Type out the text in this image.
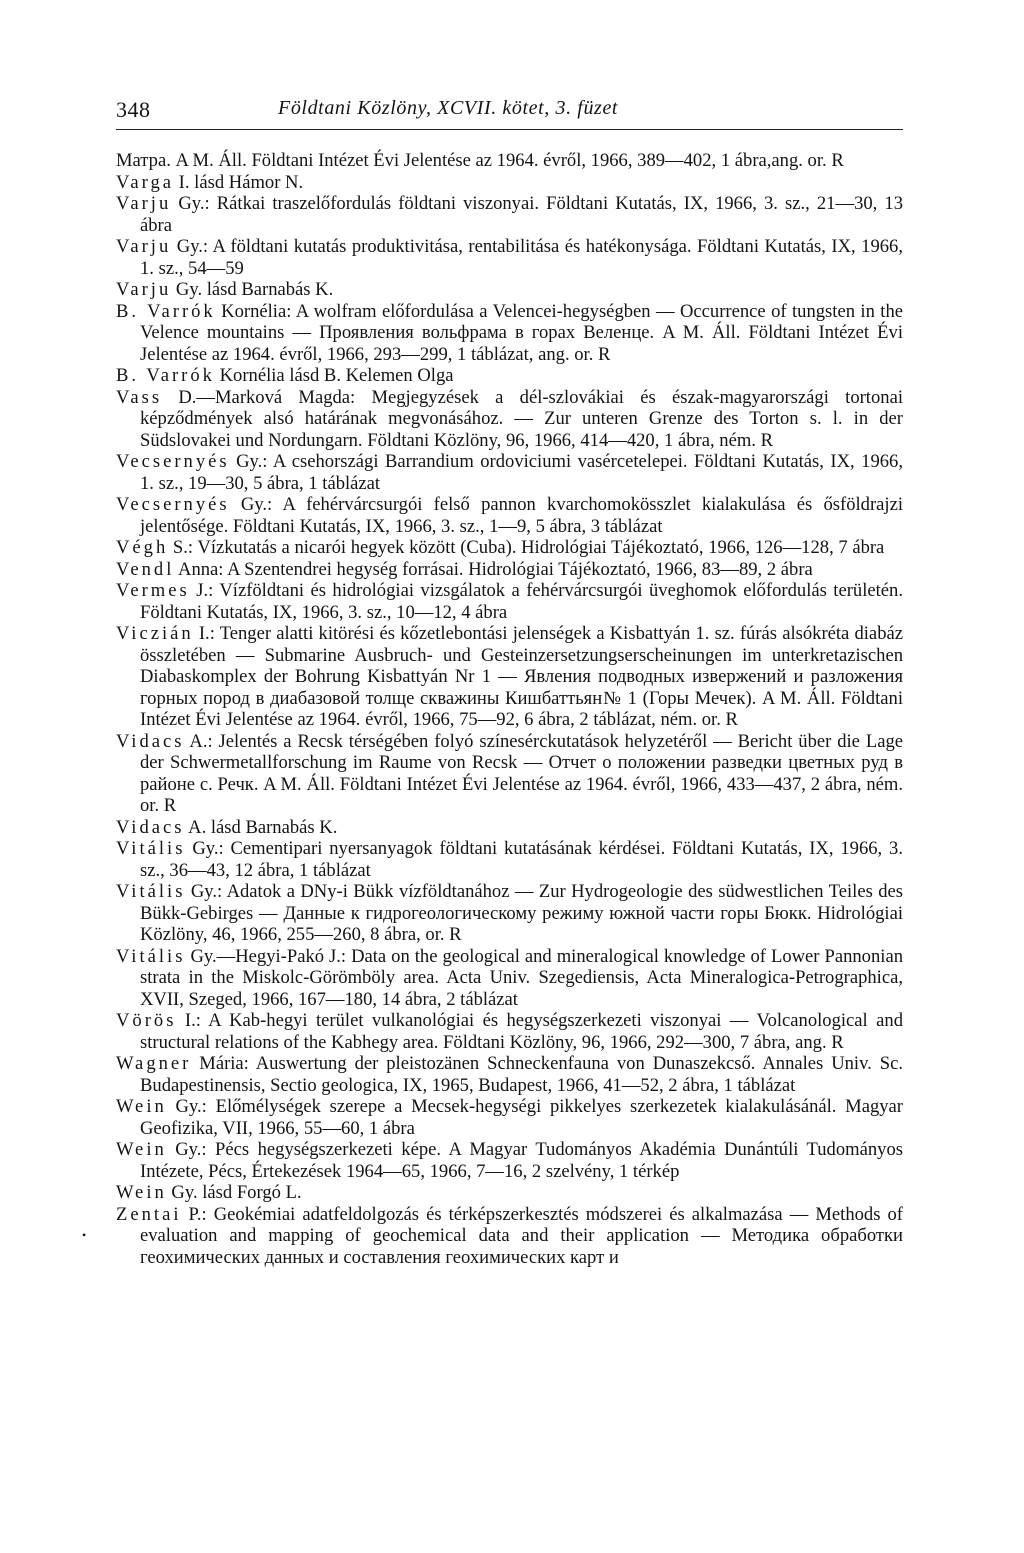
348	Földtani Közlöny, XCVII. kötet, 3. füzet
•

Матра. A M. Áll. Földtani Intézet Évi Jelentése az 1964. évről, 1966, 389—402, 1 ábra,ang. or. R

Varga I. lásd Hámor N.

Varju Gy.: Rátkai traszelőfordulás földtani viszonyai. Földtani Kutatás, IX, 1966, 3. sz., 21—30, 13 ábra

Varju Gy.: A földtani kutatás produktivitása, rentabilitása és hatékonysága. Földtani Kutatás, IX, 1966, 1. sz., 54—59

Varju Gy. lásd Barnabás K.

B. Varrók Kornélia: A wolfram előfordulása a Velencei-hegységben — Occurrence of tungsten in the Velence mountains — Проявления вольфрама в горах Веленце. A M. Áll. Földtani Intézet Évi Jelentése az 1964. évről, 1966, 293—299, 1 táblázat, ang. or. R

B. Varrók Kornélia lásd B. Kelemen Olga

Vass D.—Marková Magda: Megjegyzések a dél-szlovákiai és észak-magyarországi tortonai képződmények alsó határának megvonásához. — Zur unteren Grenze des Torton s. l. in der Südslovakei und Nordungarn. Földtani Közlöny, 96, 1966, 414—420, 1 ábra, ném. R

Vecsernyés Gy.: A csehországi Barrandium ordoviciumi vasércetelepei. Földtani Kutatás, IX, 1966, 1. sz., 19—30, 5 ábra, 1 táblázat

Vecsernyés Gy.: A fehérvárcsurgói felső pannon kvarchomokösszlet kialakulása és ősföldrajzi jelentősége. Földtani Kutatás, IX, 1966, 3. sz., 1—9, 5 ábra, 3 táblázat

Végh S.: Vízkutatás a nicarói hegyek között (Cuba). Hidrológiai Tájékoztató, 1966, 126—128, 7 ábra

Vendl Anna: A Szentendrei hegység forrásai. Hidrológiai Tájékoztató, 1966, 83—89, 2 ábra

Vermes J.: Vízföldtani és hidrológiai vizsgálatok a fehérvárcsurgói üveghomok előfordulás területén. Földtani Kutatás, IX, 1966, 3. sz., 10—12, 4 ábra

Viczián I.: Tenger alatti kitörési és kőzetlebontási jelenségek a Kisbattyán 1. sz. fúrás alsókréta diabáz összletében — Submarine Ausbruch- und Gesteinzersetzungserscheinungen im unterkretazischen Diabaskomplex der Bohrung Kisbattyán Nr 1 — Явления подводных извержений и разложения горных пород в диабазовой толще скважины Кишбаттьян№ 1 (Горы Мечек). A M. Áll. Földtani Intézet Évi Jelentése az 1964. évről, 1966, 75—92, 6 ábra, 2 táblázat, ném. or. R

Vidacs A.: Jelentés a Recsk térségében folyó színesérckutatások helyzetéről — Bericht über die Lage der Schwermetallforschung im Raume von Recsk — Отчет о положении разведки цветных руд в районе с. Речк. A M. Áll. Földtani Intézet Évi Jelentése az 1964. évről, 1966, 433—437, 2 ábra, ném. or. R

Vidacs A. lásd Barnabás K.

Vitális Gy.: Cementipari nyersanyagok földtani kutatásának kérdései. Földtani Kutatás, IX, 1966, 3. sz., 36—43, 12 ábra, 1 táblázat

Vitális Gy.: Adatok a DNy-i Bükk vízföldtanához — Zur Hydrogeologie des südwestlichen Teiles des Bükk-Gebirges — Данные к гидрогеологическому режиму южной части горы Бюкк. Hidrológiai Közlöny, 46, 1966, 255—260, 8 ábra, or. R

Vitális Gy.—Hegyi-Pakó J.: Data on the geological and mineralogical knowledge of Lower Pannonian strata in the Miskolc-Görömböly area. Acta Univ. Szegediensis, Acta Mineralogica-Petrographica, XVII, Szeged, 1966, 167—180, 14 ábra, 2 táblázat

Vörös I.: A Kab-hegyi terület vulkanológiai és hegységszerkezeti viszonyai — Volcanological and structural relations of the Kabhegy area. Földtani Közlöny, 96, 1966, 292—300, 7 ábra, ang. R

Wagner Mária: Auswertung der pleistozänen Schneckenfauna von Dunaszekcső. Annales Univ. Sc. Budapestinensis, Sectio geologica, IX, 1965, Budapest, 1966, 41—52, 2 ábra, 1 táblázat

Wein Gy.: Előmélységek szerepe a Mecsek-hegységi pikkelyes szerkezetek kialakulásánál. Magyar Geofizika, VII, 1966, 55—60, 1 ábra

Wein Gy.: Pécs hegységszerkezeti képe. A Magyar Tudományos Akadémia Dunántúli Tudományos Intézete, Pécs, Értekezések 1964—65, 1966, 7—16, 2 szelvény, 1 térkép

Wein Gy. lásd Forgó L.

Zentai P.: Geokémiai adatfeldolgozás és térképszerkesztés módszerei és alkalmazása — Methods of evaluation and mapping of geochemical data and their application — Методика обработки геохимических данных и составления геохимических карт и
